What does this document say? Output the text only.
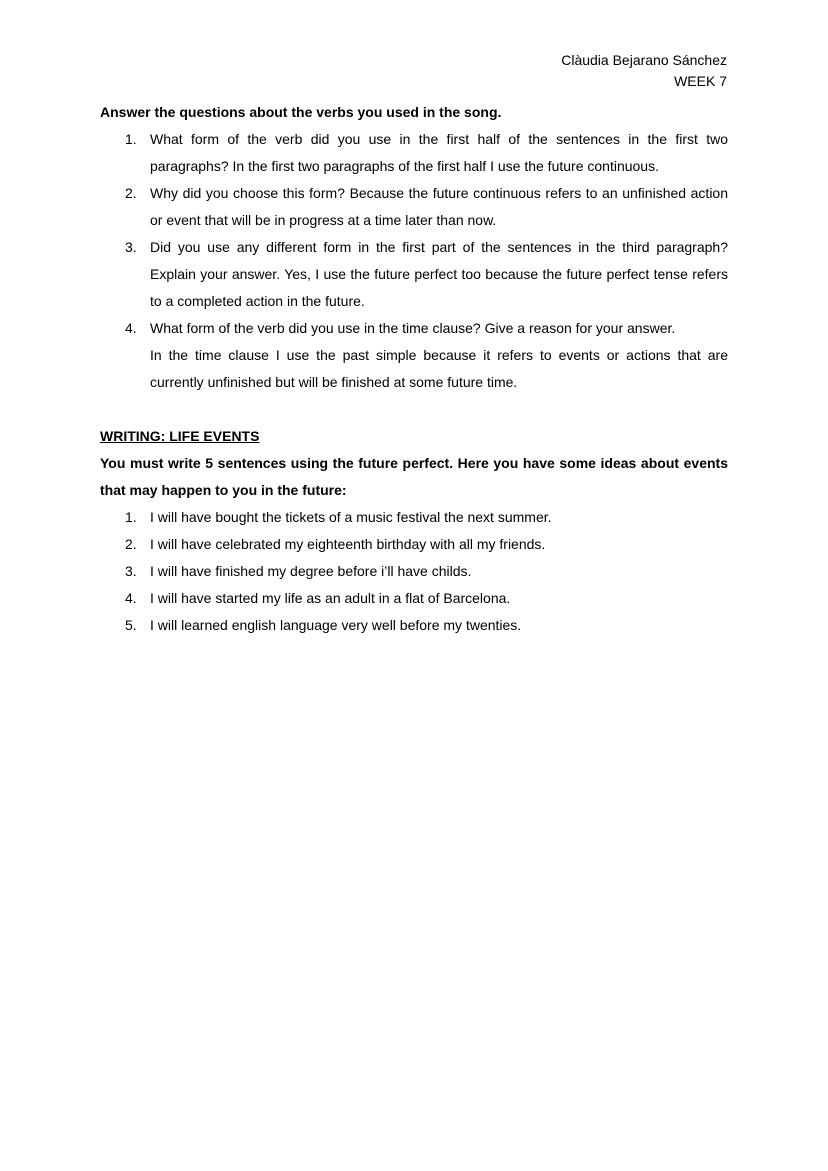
Clàudia Bejarano Sánchez
WEEK 7
Answer the questions about the verbs you used in the song.
1. What form of the verb did you use in the first half of the sentences in the first two paragraphs? In the first two paragraphs of the first half I use the future continuous.
2. Why did you choose this form? Because the future continuous refers to an unfinished action or event that will be in progress at a time later than now.
3. Did you use any different form in the first part of the sentences in the third paragraph? Explain your answer. Yes, I use the future perfect too because the future perfect tense refers to a completed action in the future.
4. What form of the verb did you use in the time clause? Give a reason for your answer.
In the time clause I use the past simple because it refers to events or actions that are currently unfinished but will be finished at some future time.
WRITING: LIFE EVENTS
You must write 5 sentences using the future perfect. Here you have some ideas about events that may happen to you in the future:
1. I will have bought the tickets of a music festival the next summer.
2. I will have celebrated my eighteenth birthday with all my friends.
3. I will have finished my degree before i’ll have childs.
4. I will have started my life as an adult in a flat of Barcelona.
5. I will learned english language very well before my twenties.
